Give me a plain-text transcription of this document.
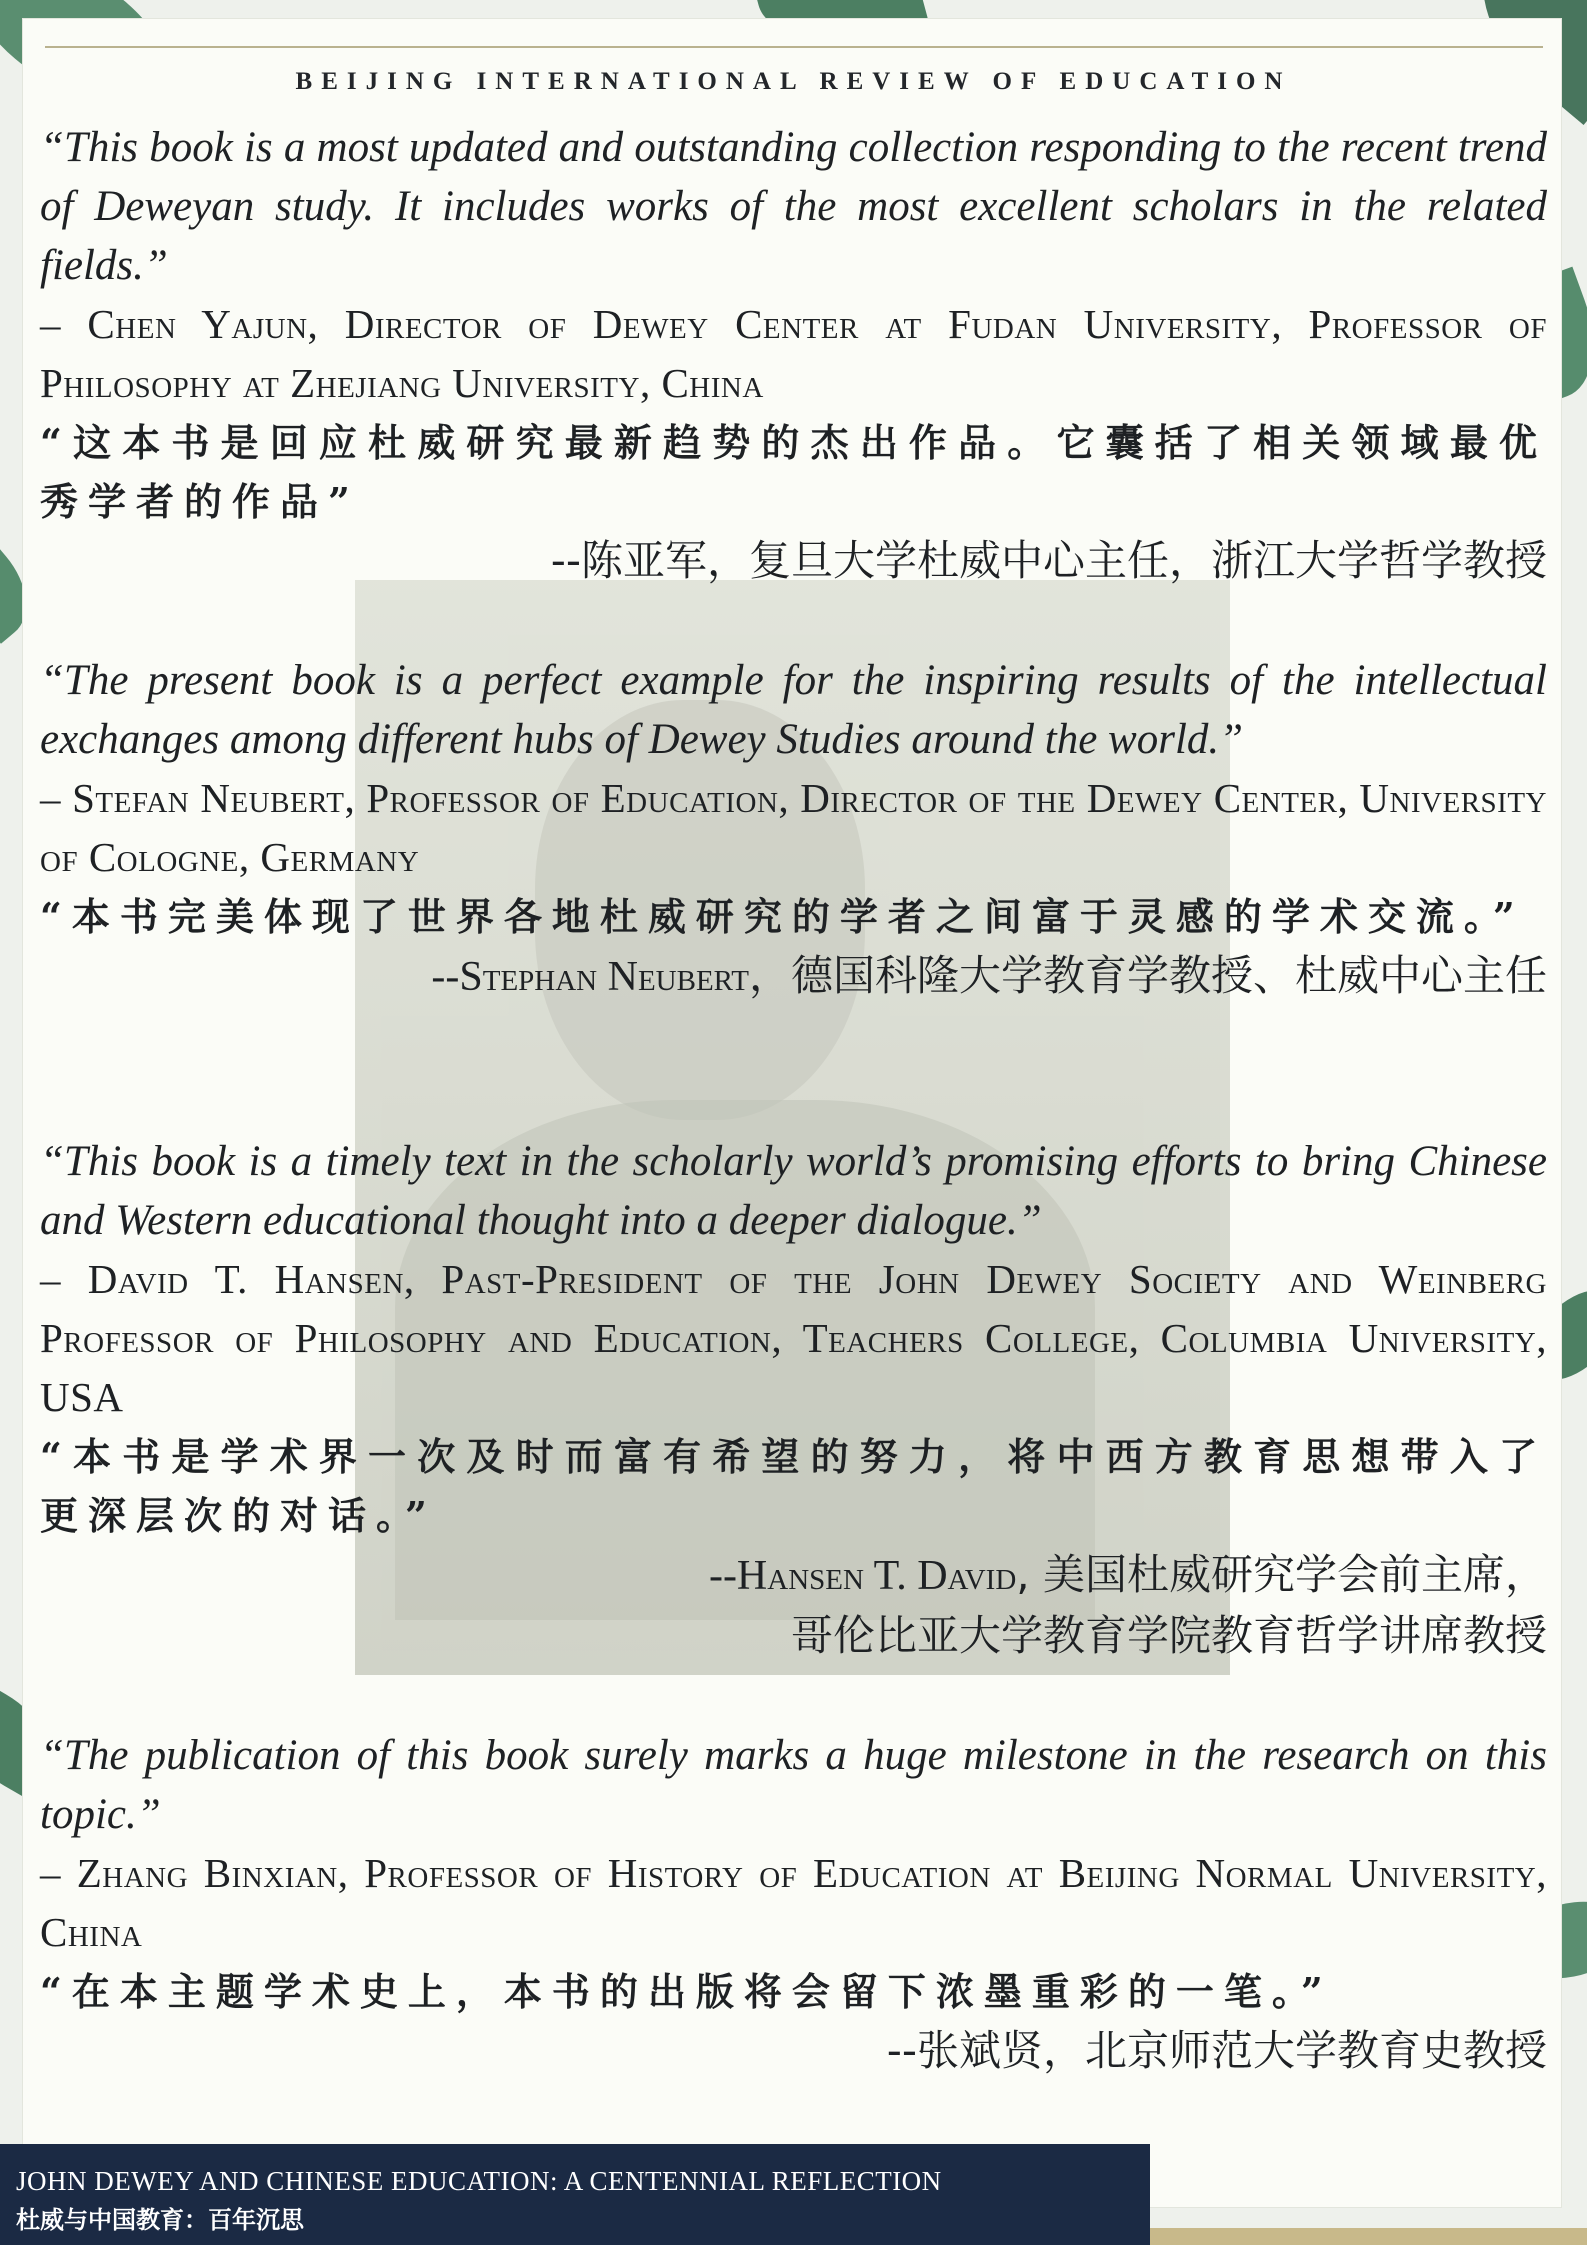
BEIJING INTERNATIONAL REVIEW OF EDUCATION

“This book is a most updated and outstanding collection responding to the recent trend of Deweyan study. It includes works of the most excellent scholars in the related fields.”

– Chen Yajun, Director of Dewey Center at Fudan University, Professor of Philosophy at Zhejiang University, China

“这本书是回应杜威研究最新趋势的杰出作品。它囊括了相关领域最优秀学者的作品”

--陈亚军，复旦大学杜威中心主任，浙江大学哲学教授

“The present book is a perfect example for the inspiring results of the intellectual exchanges among different hubs of Dewey Studies around the world.”

– Stefan Neubert, Professor of Education, Director of the Dewey Center, University of Cologne, Germany

“本书完美体现了世界各地杜威研究的学者之间富于灵感的学术交流。”

--Stephan Neubert，德国科隆大学教育学教授、杜威中心主任

“This book is a timely text in the scholarly world’s promising efforts to bring Chinese and Western educational thought into a deeper dialogue.”

– David T. Hansen, Past-President of the John Dewey Society and Weinberg Professor of Philosophy and Education, Teachers College, Columbia University, USA

“本书是学术界一次及时而富有希望的努力，将中西方教育思想带入了更深层次的对话。”

--Hansen T. David, 美国杜威研究学会前主席，

哥伦比亚大学教育学院教育哲学讲席教授

“The publication of this book surely marks a huge milestone in the research on this topic.”

– Zhang Binxian, Professor of History of Education at Beijing Normal University, China

“在本主题学术史上，本书的出版将会留下浓墨重彩的一笔。”

--张斌贤，北京师范大学教育史教授

JOHN DEWEY AND CHINESE EDUCATION: A CENTENNIAL REFLECTION
杜威与中国教育：百年沉思
